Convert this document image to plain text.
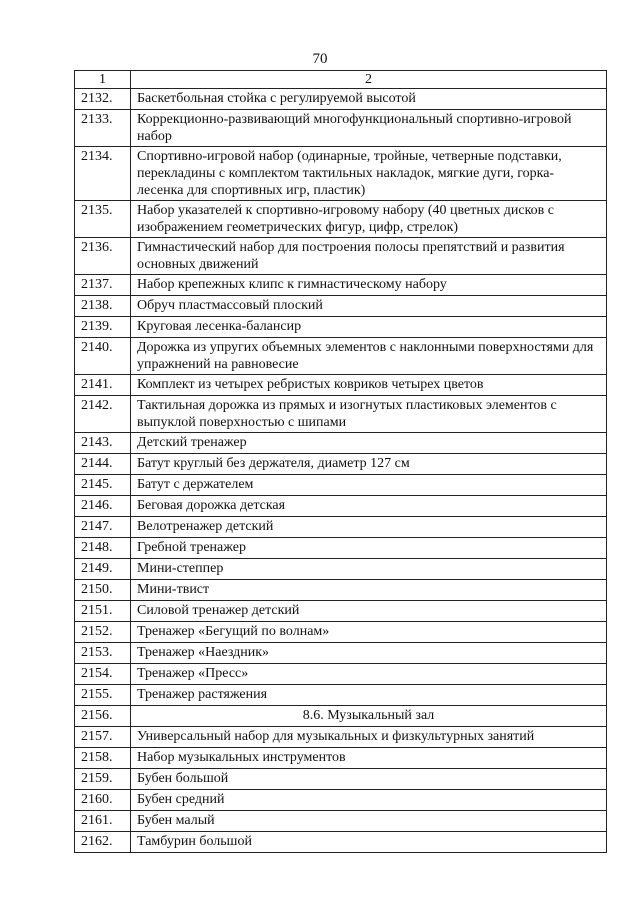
70
1	2
2132.	Баскетбольная стойка с регулируемой высотой
2133.	Коррекционно-развивающий многофункциональный спортивно-игровой набор
2134.	Спортивно-игровой набор (одинарные, тройные, четверные подставки, перекладины с комплектом тактильных накладок, мягкие дуги, горка-лесенка для спортивных игр, пластик)
2135.	Набор указателей к спортивно-игровому набору (40 цветных дисков с изображением геометрических фигур, цифр, стрелок)
2136.	Гимнастический набор для построения полосы препятствий и развития основных движений
2137.	Набор крепежных клипс к гимнастическому набору
2138.	Обруч пластмассовый плоский
2139.	Круговая лесенка-балансир
2140.	Дорожка из упругих объемных элементов с наклонными поверхностями для упражнений на равновесие
2141.	Комплект из четырех ребристых ковриков четырех цветов
2142.	Тактильная дорожка из прямых и изогнутых пластиковых элементов с выпуклой поверхностью с шипами
2143.	Детский тренажер
2144.	Батут круглый без держателя, диаметр 127 см
2145.	Батут с держателем
2146.	Беговая дорожка детская
2147.	Велотренажер детский
2148.	Гребной тренажер
2149.	Мини-степпер
2150.	Мини-твист
2151.	Силовой тренажер детский
2152.	Тренажер «Бегущий по волнам»
2153.	Тренажер «Наездник»
2154.	Тренажер «Пресс»
2155.	Тренажер растяжения
2156.	8.6. Музыкальный зал
2157.	Универсальный набор для музыкальных и физкультурных занятий
2158.	Набор музыкальных инструментов
2159.	Бубен большой
2160.	Бубен средний
2161.	Бубен малый
2162.	Тамбурин большой
